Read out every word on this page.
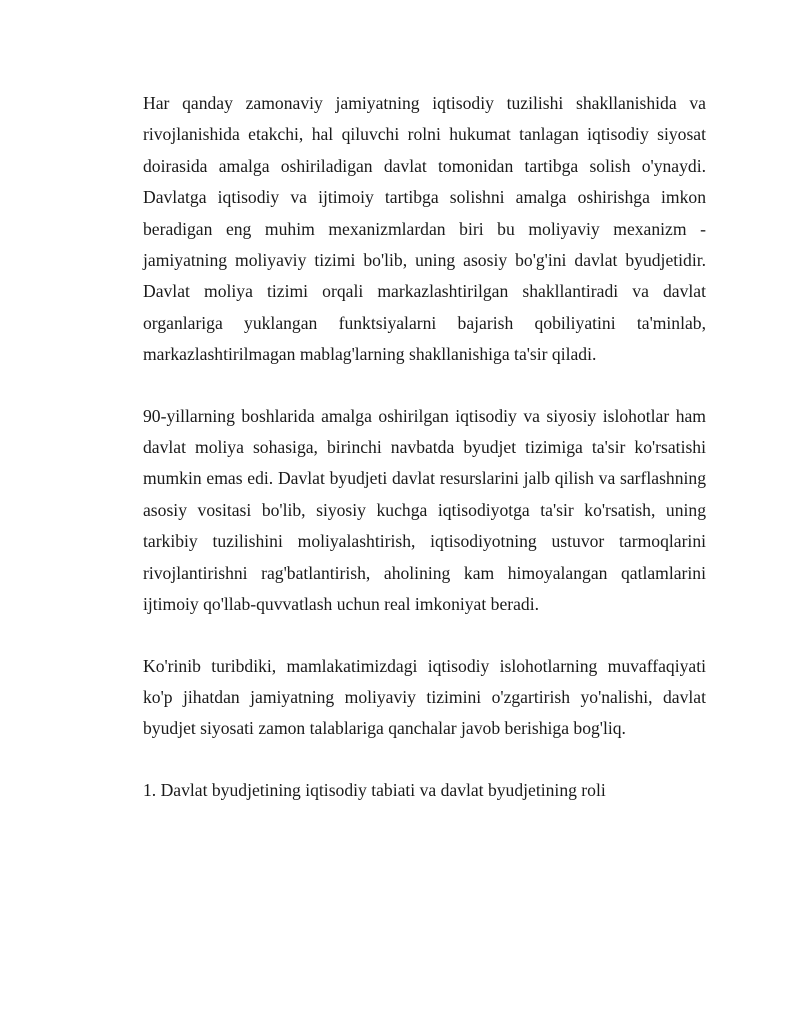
Har qanday zamonaviy jamiyatning iqtisodiy tuzilishi shakllanishida va rivojlanishida etakchi, hal qiluvchi rolni hukumat tanlagan iqtisodiy siyosat doirasida amalga oshiriladigan davlat tomonidan tartibga solish o'ynaydi. Davlatga iqtisodiy va ijtimoiy tartibga solishni amalga oshirishga imkon beradigan eng muhim mexanizmlardan biri bu moliyaviy mexanizm - jamiyatning moliyaviy tizimi bo'lib, uning asosiy bo'g'ini davlat byudjetidir. Davlat moliya tizimi orqali markazlashtirilgan shakllantiradi va davlat organlariga yuklangan funktsiyalarni bajarish qobiliyatini ta'minlab, markazlashtirilmagan mablag'larning shakllanishiga ta'sir qiladi.

90-yillarning boshlarida amalga oshirilgan iqtisodiy va siyosiy islohotlar ham davlat moliya sohasiga, birinchi navbatda byudjet tizimiga ta'sir ko'rsatishi mumkin emas edi. Davlat byudjeti davlat resurslarini jalb qilish va sarflashning asosiy vositasi bo'lib, siyosiy kuchga iqtisodiyotga ta'sir ko'rsatish, uning tarkibiy tuzilishini moliyalashtirish, iqtisodiyotning ustuvor tarmoqlarini rivojlantirishni rag'batlantirish, aholining kam himoyalangan qatlamlarini ijtimoiy qo'llab-quvvatlash uchun real imkoniyat beradi.

Ko'rinib turibdiki, mamlakatimizdagi iqtisodiy islohotlarning muvaffaqiyati ko'p jihatdan jamiyatning moliyaviy tizimini o'zgartirish yo'nalishi, davlat byudjet siyosati zamon talablariga qanchalar javob berishiga bog'liq.

1. Davlat byudjetining iqtisodiy tabiati va davlat byudjetining roli
